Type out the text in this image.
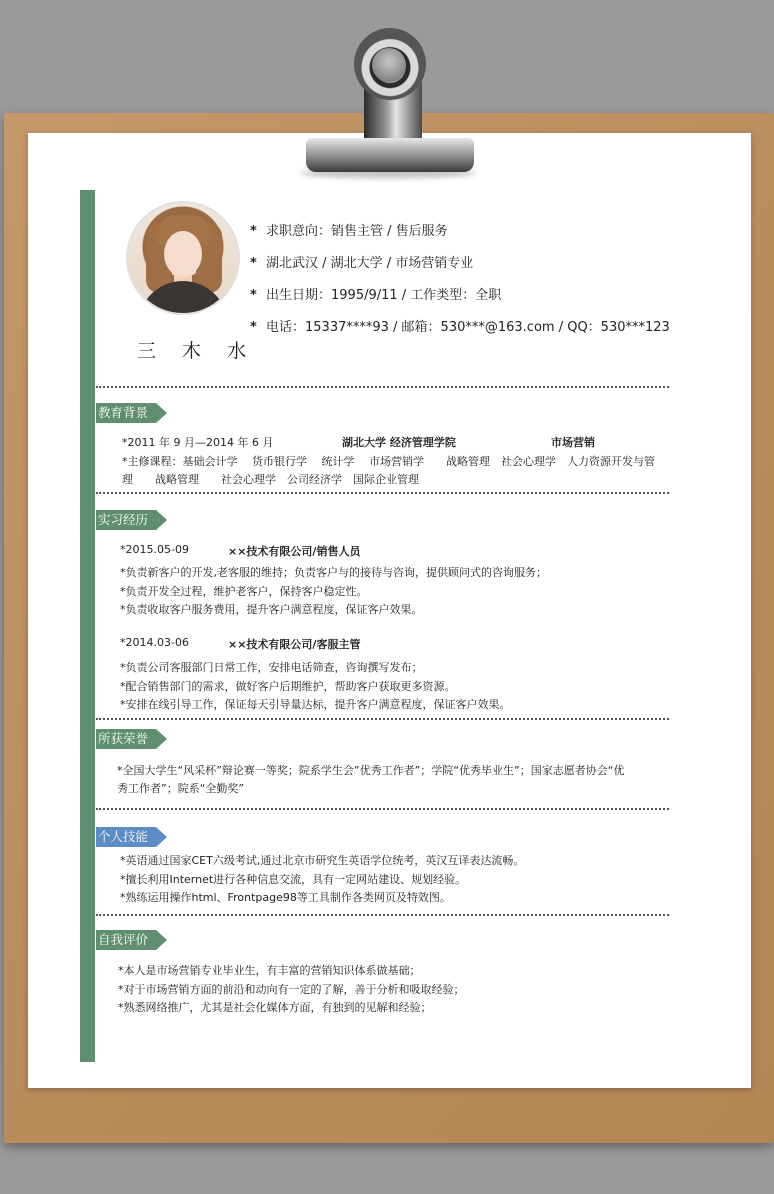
三 木 水
* 求职意向：销售主管 / 售后服务
* 湖北武汉 / 湖北大学 / 市场营销专业
* 出生日期：1995/9/11 / 工作类型：全职
* 电话：15337****93 / 邮箱：530***@163.com / QQ：530***123
教育背景
*2011 年 9 月—2014 年 6 月	湖北大学 经济管理学院	市场营销
*主修课程：基础会计学　 货币银行学　 统计学　 市场营销学　　战略管理　社会心理学　人力资源开发与管
理　　战略管理　　社会心理学　公司经济学　国际企业管理
实习经历
*2015.05-09	××技术有限公司/销售人员
*负责新客户的开发,老客服的维持；负责客户与的接待与咨询，提供顾问式的咨询服务；
*负责开发全过程，维护老客户，保持客户稳定性。
*负责收取客户服务费用，提升客户满意程度，保证客户效果。
*2014.03-06	××技术有限公司/客服主管
*负责公司客服部门日常工作，安排电话筛查，咨询撰写发布；
*配合销售部门的需求，做好客户后期维护，帮助客户获取更多资源。
*安排在线引导工作，保证每天引导量达标，提升客户满意程度，保证客户效果。
所获荣誉
*全国大学生“风采杯”辩论赛一等奖；院系学生会”优秀工作者”；学院“优秀毕业生”；国家志愿者协会“优
秀工作者”；院系“全勤奖”
个人技能
*英语通过国家CET六级考试,通过北京市研究生英语学位统考，英汉互译表达流畅。
*擅长利用Internet进行各种信息交流，具有一定网站建设、规划经验。
*熟练运用操作html、Frontpage98等工具制作各类网页及特效图。
自我评价
*本人是市场营销专业毕业生，有丰富的营销知识体系做基础；
*对于市场营销方面的前沿和动向有一定的了解，善于分析和吸取经验；
*熟悉网络推广，尤其是社会化媒体方面，有独到的见解和经验；
